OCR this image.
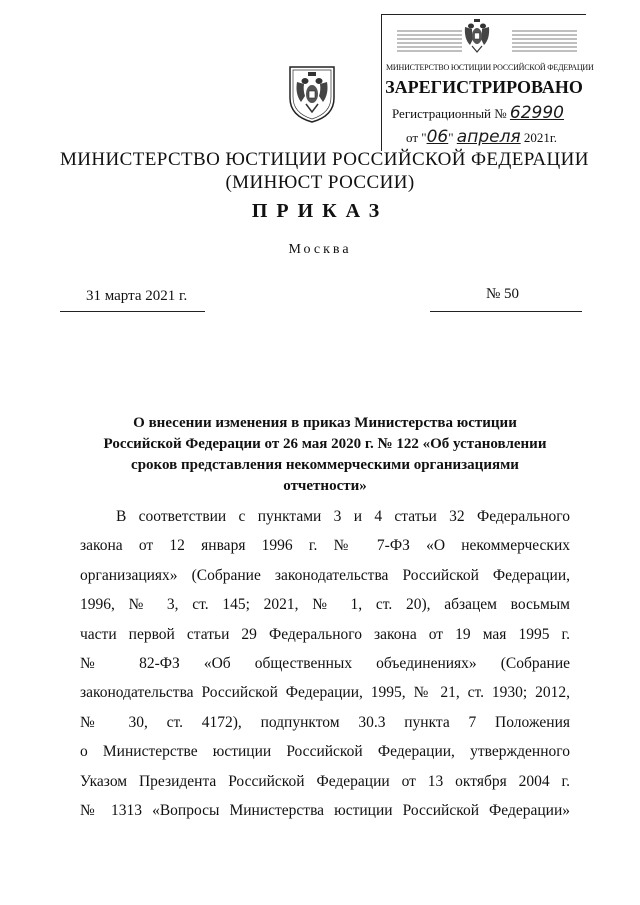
МИНИСТЕРСТВО ЮСТИЦИИ РОССИЙСКОЙ ФЕДЕРАЦИИ
ЗАРЕГИСТРИРОВАНО
Регистрационный № 62990
от "06" апреля 2021г.
МИНИСТЕРСТВО ЮСТИЦИИ РОССИЙСКОЙ ФЕДЕРАЦИИ
(МИНЮСТ РОССИИ)
ПРИКАЗ
Москва
31 марта 2021 г.	№ 50
О внесении изменения в приказ Министерства юстиции
Российской Федерации от 26 мая 2020 г. № 122 «Об установлении
сроков представления некоммерческими организациями
отчетности»
В соответствии с пунктами 3 и 4 статьи 32 Федерального
закона от 12 января 1996 г. № 7-ФЗ «О некоммерческих
организациях» (Собрание законодательства Российской Федерации,
1996, № 3, ст. 145; 2021, № 1, ст. 20), абзацем восьмым
части первой статьи 29 Федерального закона от 19 мая 1995 г.
№ 82-ФЗ «Об общественных объединениях» (Собрание
законодательства Российской Федерации, 1995, № 21, ст. 1930; 2012,
№ 30, ст. 4172), подпунктом 30.3 пункта 7 Положения
о Министерстве юстиции Российской Федерации, утвержденного
Указом Президента Российской Федерации от 13 октября 2004 г.
№ 1313 «Вопросы Министерства юстиции Российской Федерации»
